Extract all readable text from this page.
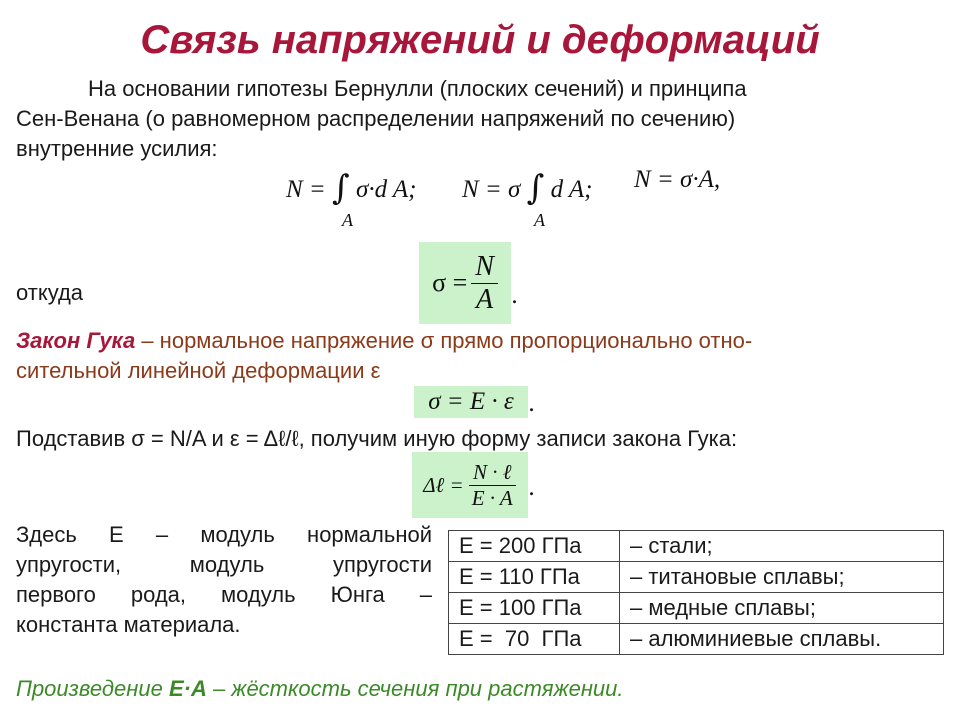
Связь напряжений и деформаций
На основании гипотезы Бернулли (плоских сечений) и принципа
Сен-Венана (о равномерном распределении напряжений по сечению)
внутренние усилия:
N = ∫ σ·d A;
A
N = σ ∫ d A;
A
N = σ·A,
откуда	$\sigma = \frac{N}{A}$ .
Закон Гука – нормальное напряжение σ прямо пропорционально отно-
сительной линейной деформации ε
σ = E · ε .
Подставив σ = N/A и ε = Δℓ/ℓ, получим иную форму записи закона Гука:
Δℓ = $\frac{\text{N · ℓ}}{E \cdot A}$ .
Здесь E – модуль нормальной
упругости, модуль упругости
первого рода, модуль Юнга –
константа материала.
E = 200 ГПа	– стали;
E = 110 ГПа	– титановые сплавы;
E = 100 ГПа	– медные сплавы;
E =  70  ГПа	– алюминиевые сплавы.
Произведение E·A – жёсткость сечения при растяжении.
